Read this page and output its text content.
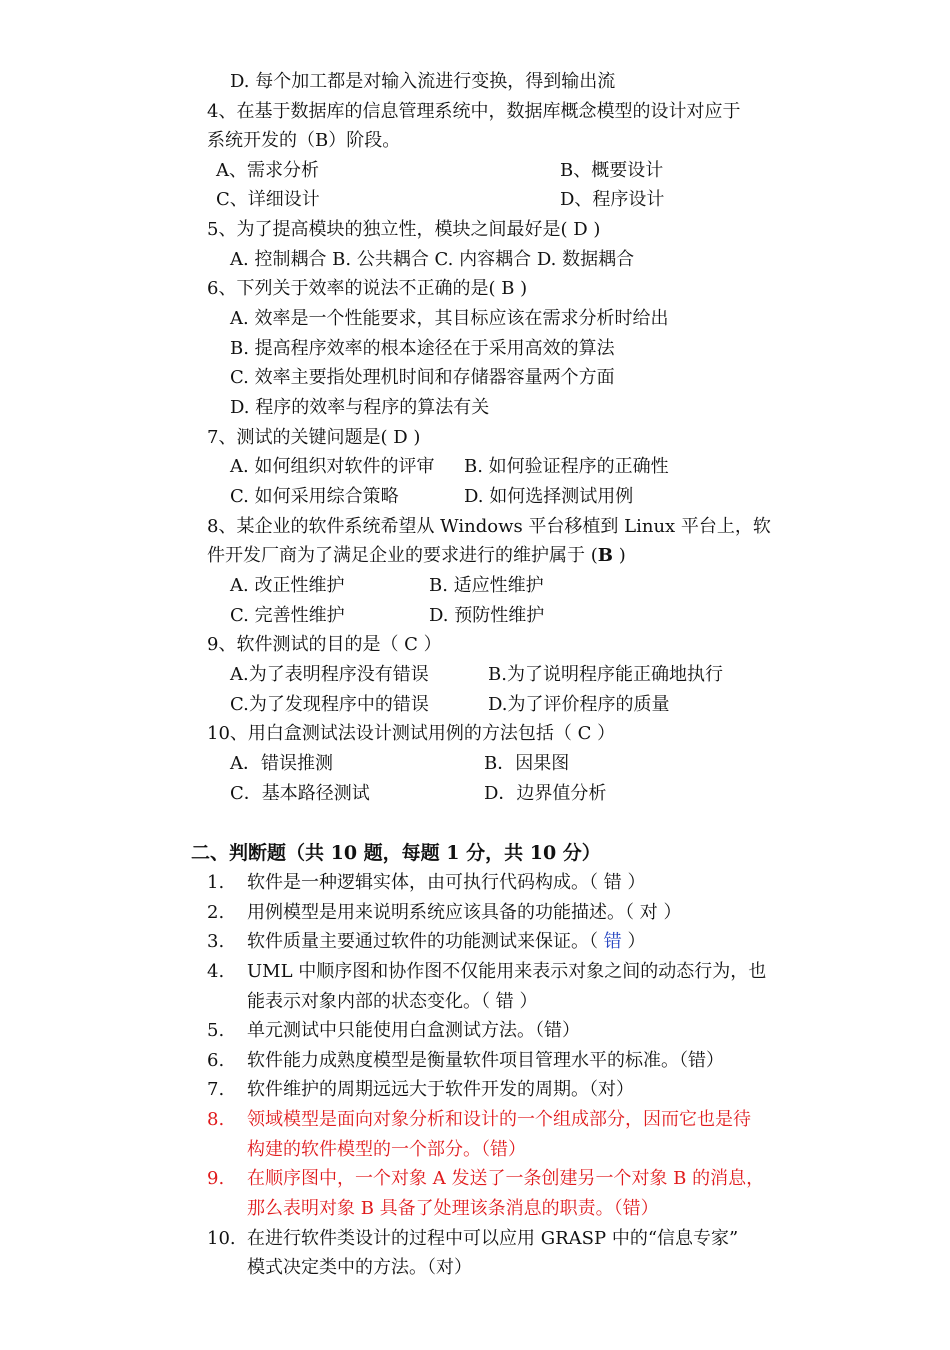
D. 每个加工都是对输入流进行变换，得到输出流
4、在基于数据库的信息管理系统中，数据库概念模型的设计对应于
系统开发的（B）阶段。
A、需求分析	B、概要设计
C、详细设计	D、程序设计
5、为了提高模块的独立性，模块之间最好是( D )
A. 控制耦合 B. 公共耦合 C. 内容耦合 D. 数据耦合
6、下列关于效率的说法不正确的是( B )
A. 效率是一个性能要求，其目标应该在需求分析时给出
B. 提高程序效率的根本途径在于采用高效的算法
C. 效率主要指处理机时间和存储器容量两个方面
D. 程序的效率与程序的算法有关
7、测试的关键问题是( D )
A. 如何组织对软件的评审 B. 如何验证程序的正确性
C. 如何采用综合策略	D. 如何选择测试用例
8、某企业的软件系统希望从 Windows 平台移植到 Linux 平台上，软
件开发厂商为了满足企业的要求进行的维护属于 (B )
A. 改正性维护	B. 适应性维护
C. 完善性维护	D. 预防性维护
9、软件测试的目的是（ C ）
A.为了表明程序没有错误	B.为了说明程序能正确地执行
C.为了发现程序中的错误	D.为了评价程序的质量
10、用白盒测试法设计测试用例的方法包括（ C ）
A．错误推测	B．因果图
C．基本路径测试	D．边界值分析
二、判断题（共 10 题，每题 1 分，共 10 分）
1. 软件是一种逻辑实体，由可执行代码构成。（ 错 ）
2. 用例模型是用来说明系统应该具备的功能描述。（ 对 ）
3. 软件质量主要通过软件的功能测试来保证。（ 错 ）
4. UML 中顺序图和协作图不仅能用来表示对象之间的动态行为，也
能表示对象内部的状态变化。（ 错 ）
5. 单元测试中只能使用白盒测试方法。（错）
6. 软件能力成熟度模型是衡量软件项目管理水平的标准。（错）
7. 软件维护的周期远远大于软件开发的周期。（对）
8. 领域模型是面向对象分析和设计的一个组成部分，因而它也是待
构建的软件模型的一个部分。（错）
9. 在顺序图中，一个对象 A 发送了一条创建另一个对象 B 的消息，
那么表明对象 B 具备了处理该条消息的职责。（错）
10. 在进行软件类设计的过程中可以应用 GRASP 中的“信息专家”
模式决定类中的方法。（对）
